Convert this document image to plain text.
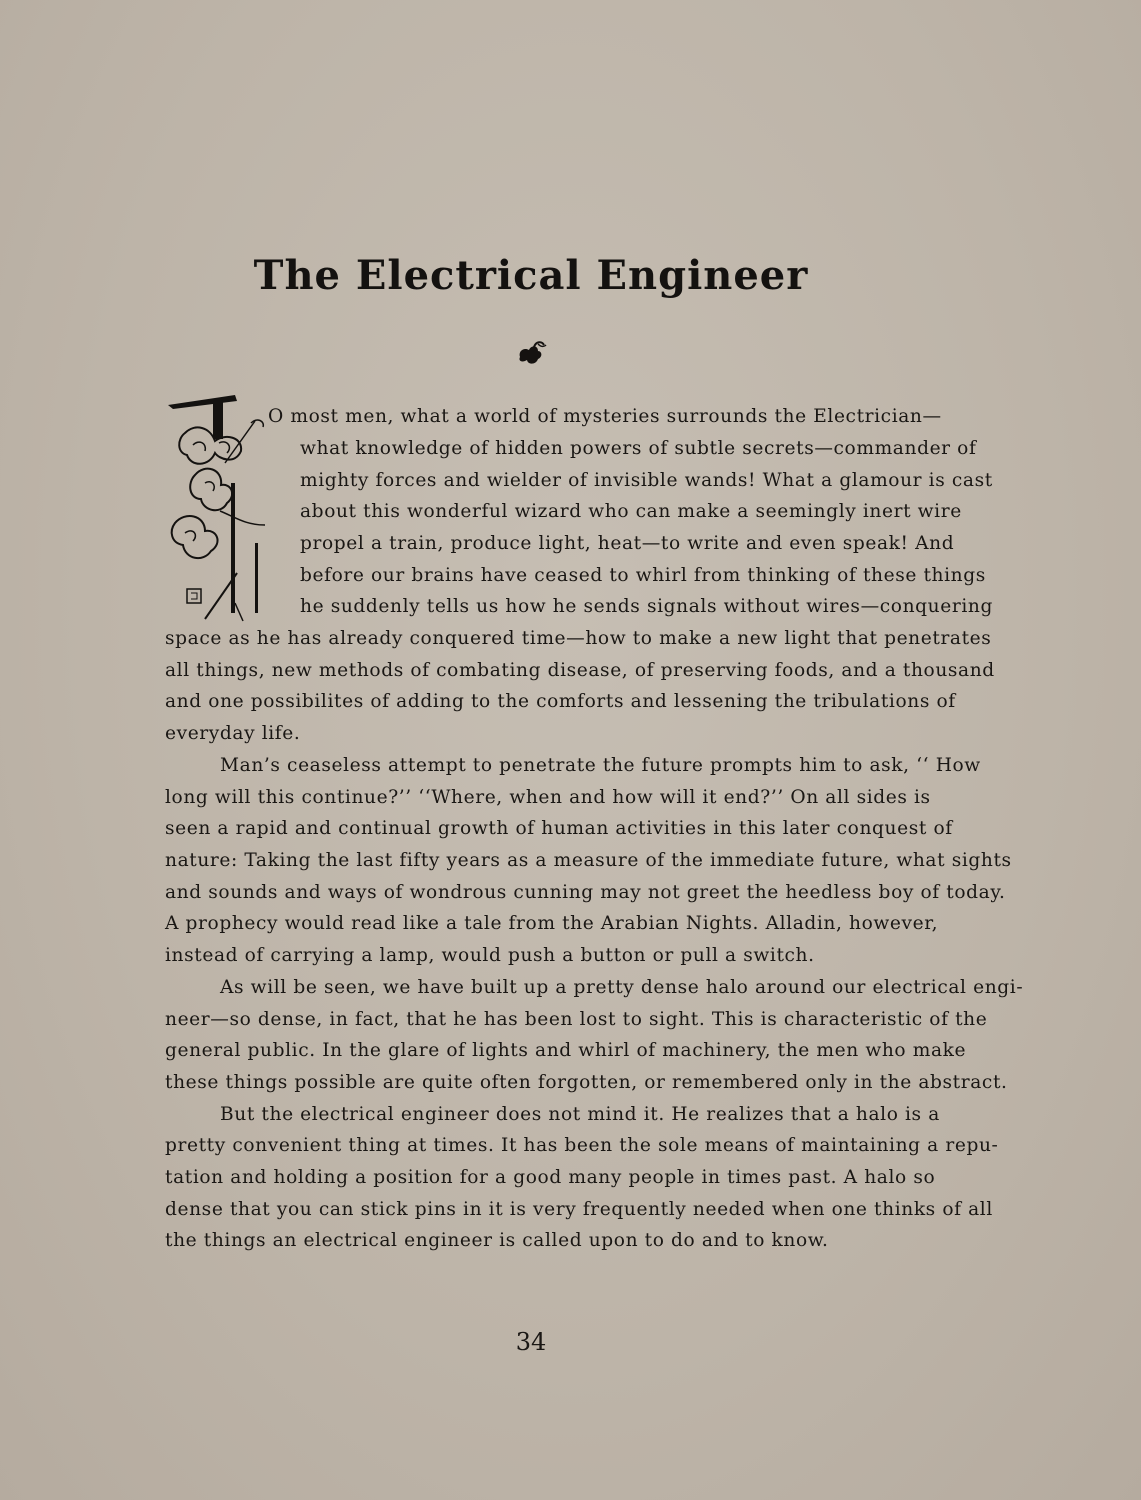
The Electrical Engineer
O most men, what a world of mysteries surrounds the Electrician—
what knowledge of hidden powers of subtle secrets—commander of
mighty forces and wielder of invisible wands! What a glamour is cast
about this wonderful wizard who can make a seemingly inert wire
propel a train, produce light, heat—to write and even speak! And
before our brains have ceased to whirl from thinking of these things
he suddenly tells us how he sends signals without wires—conquering
space as he has already conquered time—how to make a new light that penetrates
all things, new methods of combating disease, of preserving foods, and a thousand
and one possibilites of adding to the comforts and lessening the tribulations of
everyday life.
Man’s ceaseless attempt to penetrate the future prompts him to ask, ‘‘ How
long will this continue?’’ ‘‘Where, when and how will it end?’’ On all sides is
seen a rapid and continual growth of human activities in this later conquest of
nature: Taking the last fifty years as a measure of the immediate future, what sights
and sounds and ways of wondrous cunning may not greet the heedless boy of today.
A prophecy would read like a tale from the Arabian Nights. Alladin, however,
instead of carrying a lamp, would push a button or pull a switch.
As will be seen, we have built up a pretty dense halo around our electrical engi-
neer—so dense, in fact, that he has been lost to sight. This is characteristic of the
general public. In the glare of lights and whirl of machinery, the men who make
these things possible are quite often forgotten, or remembered only in the abstract.
But the electrical engineer does not mind it. He realizes that a halo is a
pretty convenient thing at times. It has been the sole means of maintaining a repu-
tation and holding a position for a good many people in times past. A halo so
dense that you can stick pins in it is very frequently needed when one thinks of all
the things an electrical engineer is called upon to do and to know.
34
